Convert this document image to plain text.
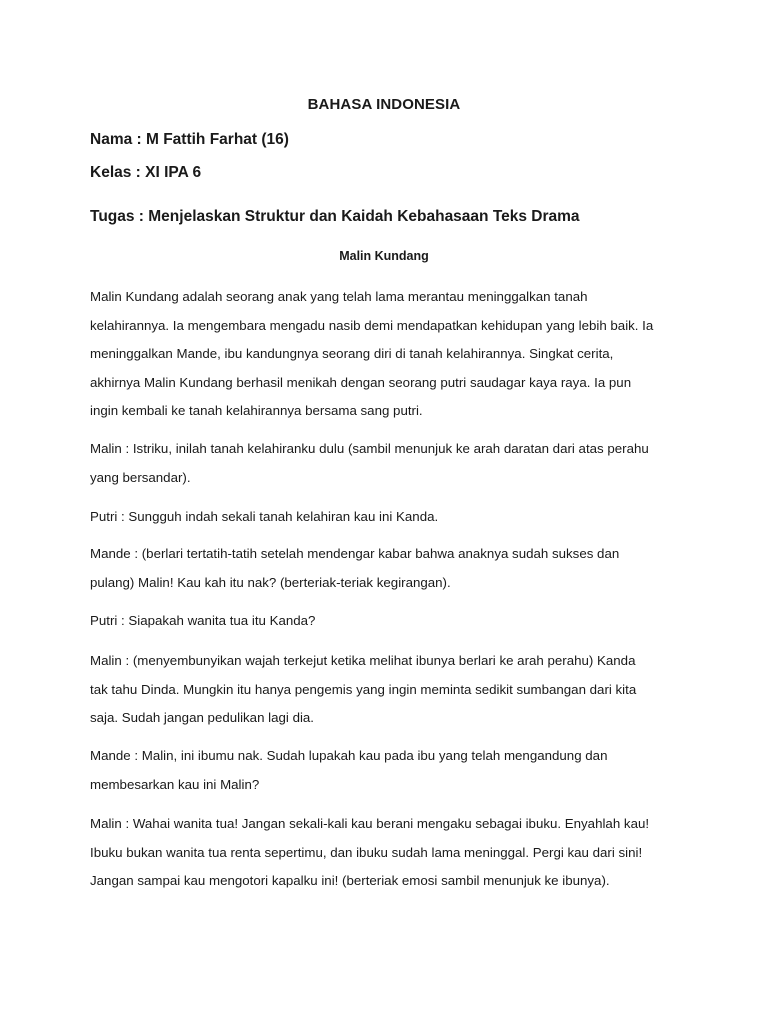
BAHASA INDONESIA
Nama : M Fattih Farhat (16)
Kelas : XI IPA 6
Tugas : Menjelaskan Struktur dan Kaidah Kebahasaan Teks Drama
Malin Kundang

Malin Kundang adalah seorang anak yang telah lama merantau meninggalkan tanah
kelahirannya. Ia mengembara mengadu nasib demi mendapatkan kehidupan yang lebih baik. Ia
meninggalkan Mande, ibu kandungnya seorang diri di tanah kelahirannya. Singkat cerita,
akhirnya Malin Kundang berhasil menikah dengan seorang putri saudagar kaya raya. Ia pun
ingin kembali ke tanah kelahirannya bersama sang putri.

Malin : Istriku, inilah tanah kelahiranku dulu (sambil menunjuk ke arah daratan dari atas perahu
yang bersandar).

Putri : Sungguh indah sekali tanah kelahiran kau ini Kanda.

Mande : (berlari tertatih-tatih setelah mendengar kabar bahwa anaknya sudah sukses dan
pulang) Malin! Kau kah itu nak? (berteriak-teriak kegirangan).

Putri : Siapakah wanita tua itu Kanda?

Malin : (menyembunyikan wajah terkejut ketika melihat ibunya berlari ke arah perahu) Kanda
tak tahu Dinda. Mungkin itu hanya pengemis yang ingin meminta sedikit sumbangan dari kita
saja. Sudah jangan pedulikan lagi dia.

Mande : Malin, ini ibumu nak. Sudah lupakah kau pada ibu yang telah mengandung dan
membesarkan kau ini Malin?

Malin : Wahai wanita tua! Jangan sekali-kali kau berani mengaku sebagai ibuku. Enyahlah kau!
Ibuku bukan wanita tua renta sepertimu, dan ibuku sudah lama meninggal. Pergi kau dari sini!
Jangan sampai kau mengotori kapalku ini! (berteriak emosi sambil menunjuk ke ibunya).
